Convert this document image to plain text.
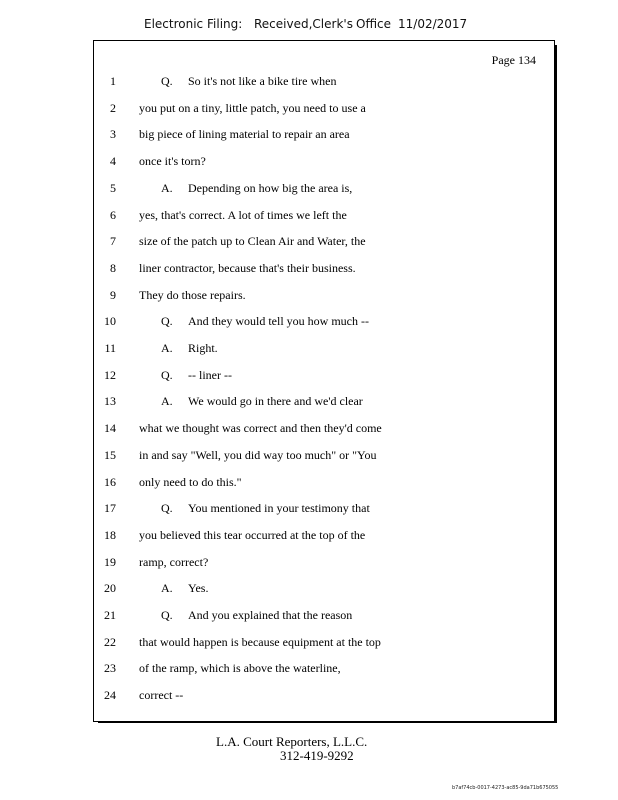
Electronic Filing: Received,Clerk's Office 11/02/2017
Page 134
1	Q. So it's not like a bike tire when
2 you put on a tiny, little patch, you need to use a
3 big piece of lining material to repair an area
4 once it's torn?
5	A. Depending on how big the area is,
6 yes, that's correct. A lot of times we left the
7 size of the patch up to Clean Air and Water, the
8 liner contractor, because that's their business.
9 They do those repairs.
10	Q. And they would tell you how much --
11	A. Right.
12	Q. -- liner --
13	A. We would go in there and we'd clear
14 what we thought was correct and then they'd come
15 in and say "Well, you did way too much" or "You
16 only need to do this."
17	Q. You mentioned in your testimony that
18 you believed this tear occurred at the top of the
19 ramp, correct?
20	A. Yes.
21	Q. And you explained that the reason
22 that would happen is because equipment at the top
23 of the ramp, which is above the waterline,
24 correct --
L.A. Court Reporters, L.L.C.
312-419-9292
b7af74cb-0017-4273-ac85-9da71b675055
